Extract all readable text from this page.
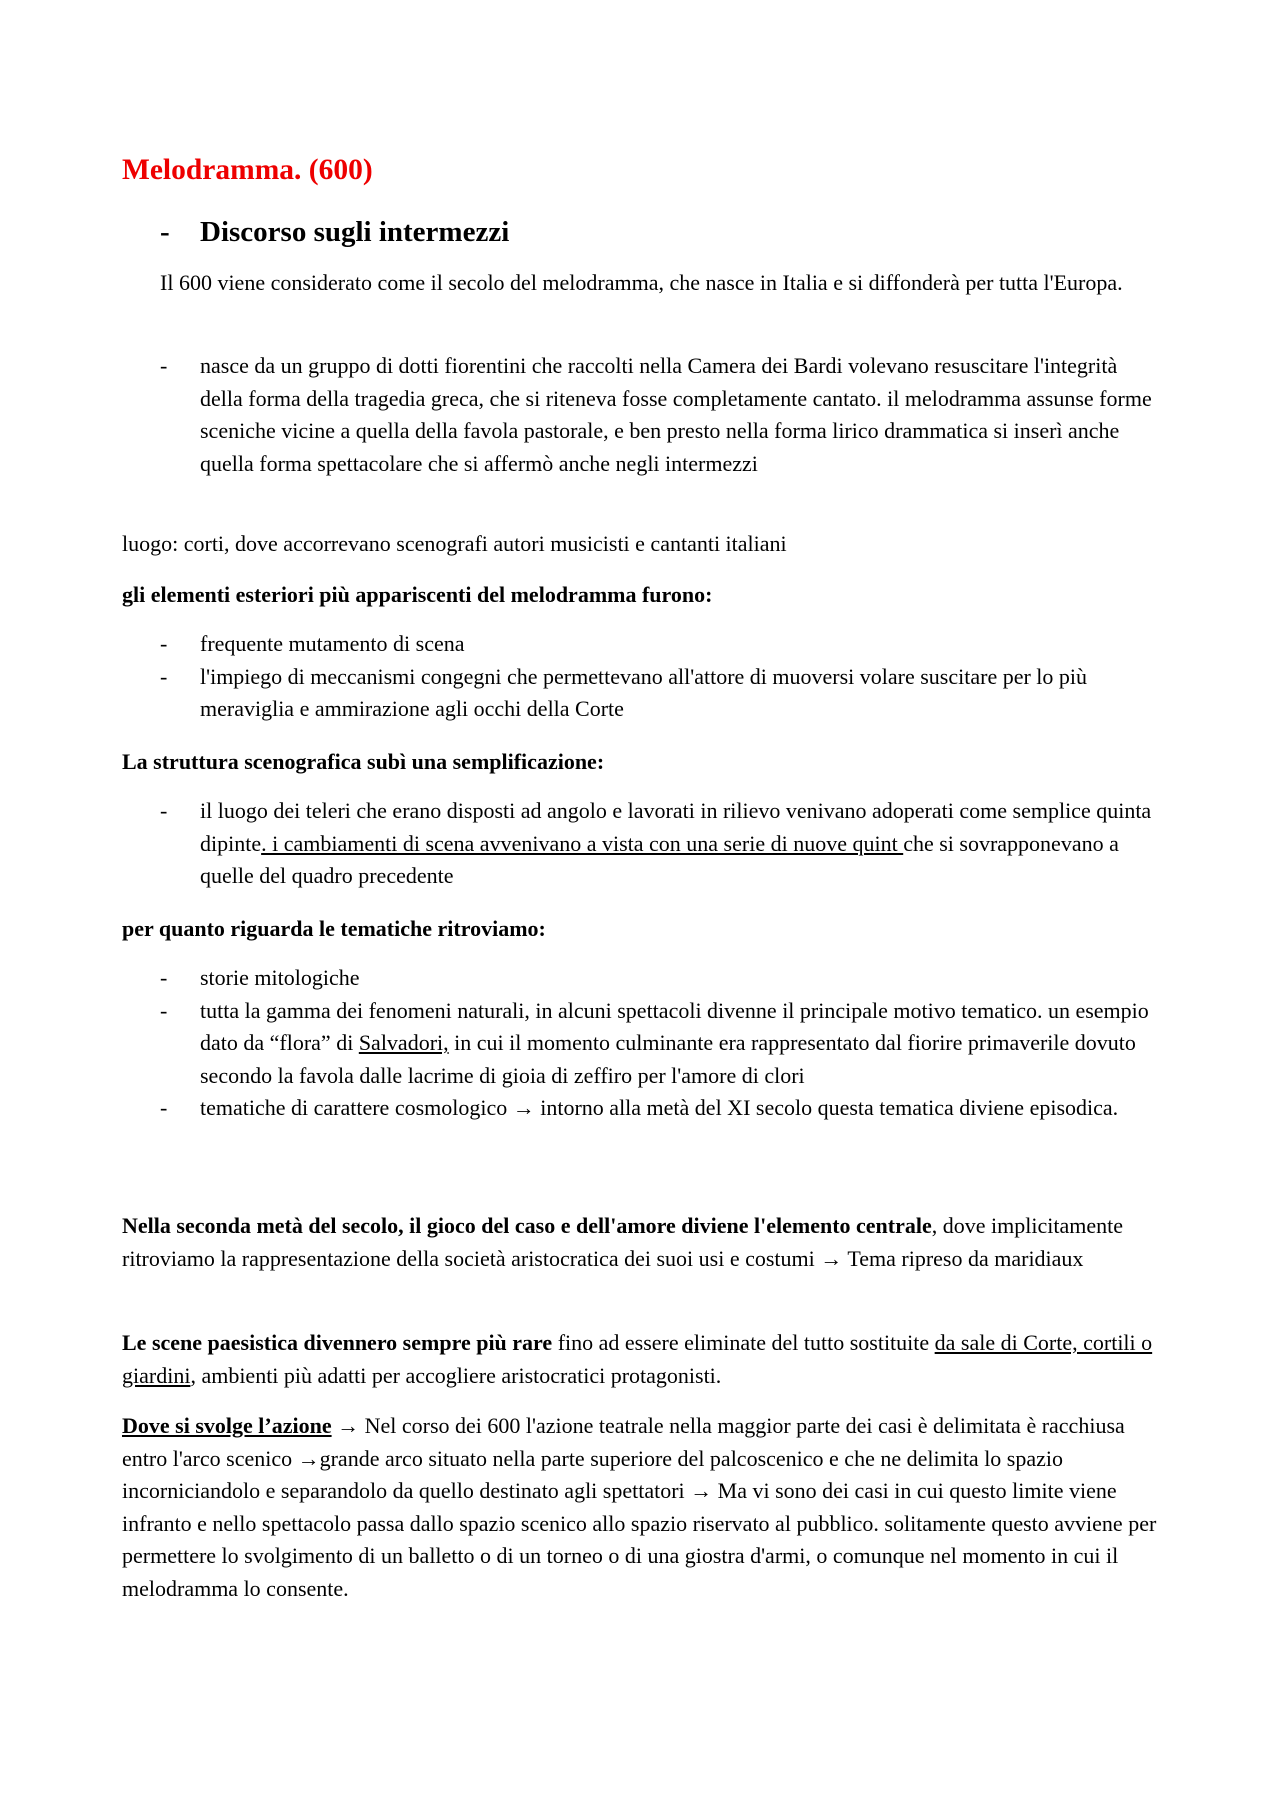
Melodramma. (600)
- Discorso sugli intermezzi

Il 600 viene considerato come il secolo del melodramma, che nasce in Italia e si diffonderà per tutta l'Europa.

- nasce da un gruppo di dotti fiorentini che raccolti nella Camera dei Bardi volevano resuscitare l'integrità della forma della tragedia greca, che si riteneva fosse completamente cantato. il melodramma assunse forme sceniche vicine a quella della favola pastorale, e ben presto nella forma lirico drammatica si inserì anche quella forma spettacolare che si affermò anche negli intermezzi

luogo: corti, dove accorrevano scenografi autori musicisti e cantanti italiani

gli elementi esteriori più appariscenti del melodramma furono:

- frequente mutamento di scena
- l'impiego di meccanismi congegni che permettevano all'attore di muoversi volare suscitare per lo più meraviglia e ammirazione agli occhi della Corte

La struttura scenografica subì una semplificazione:

- il luogo dei teleri che erano disposti ad angolo e lavorati in rilievo venivano adoperati come semplice quinta dipinte. i cambiamenti di scena avvenivano a vista con una serie di nuove quint che si sovrapponevano a quelle del quadro precedente

per quanto riguarda le tematiche ritroviamo:

- storie mitologiche
- tutta la gamma dei fenomeni naturali, in alcuni spettacoli divenne il principale motivo tematico. un esempio dato da “flora” di Salvadori, in cui il momento culminante era rappresentato dal fiorire primaverile dovuto secondo la favola dalle lacrime di gioia di zeffiro per l'amore di clori
- tematiche di carattere cosmologico → intorno alla metà del XI secolo questa tematica diviene episodica.

Nella seconda metà del secolo, il gioco del caso e dell'amore diviene l'elemento centrale, dove implicitamente ritroviamo la rappresentazione della società aristocratica dei suoi usi e costumi → Tema ripreso da maridiaux

Le scene paesistica divennero sempre più rare fino ad essere eliminate del tutto sostituite da sale di Corte, cortili o giardini, ambienti più adatti per accogliere aristocratici protagonisti.

Dove si svolge l’azione → Nel corso dei 600 l'azione teatrale nella maggior parte dei casi è delimitata è racchiusa entro l'arco scenico →grande arco situato nella parte superiore del palcoscenico e che ne delimita lo spazio incorniciandolo e separandolo da quello destinato agli spettatori → Ma vi sono dei casi in cui questo limite viene infranto e nello spettacolo passa dallo spazio scenico allo spazio riservato al pubblico. solitamente questo avviene per permettere lo svolgimento di un balletto o di un torneo o di una giostra d'armi, o comunque nel momento in cui il melodramma lo consente.
